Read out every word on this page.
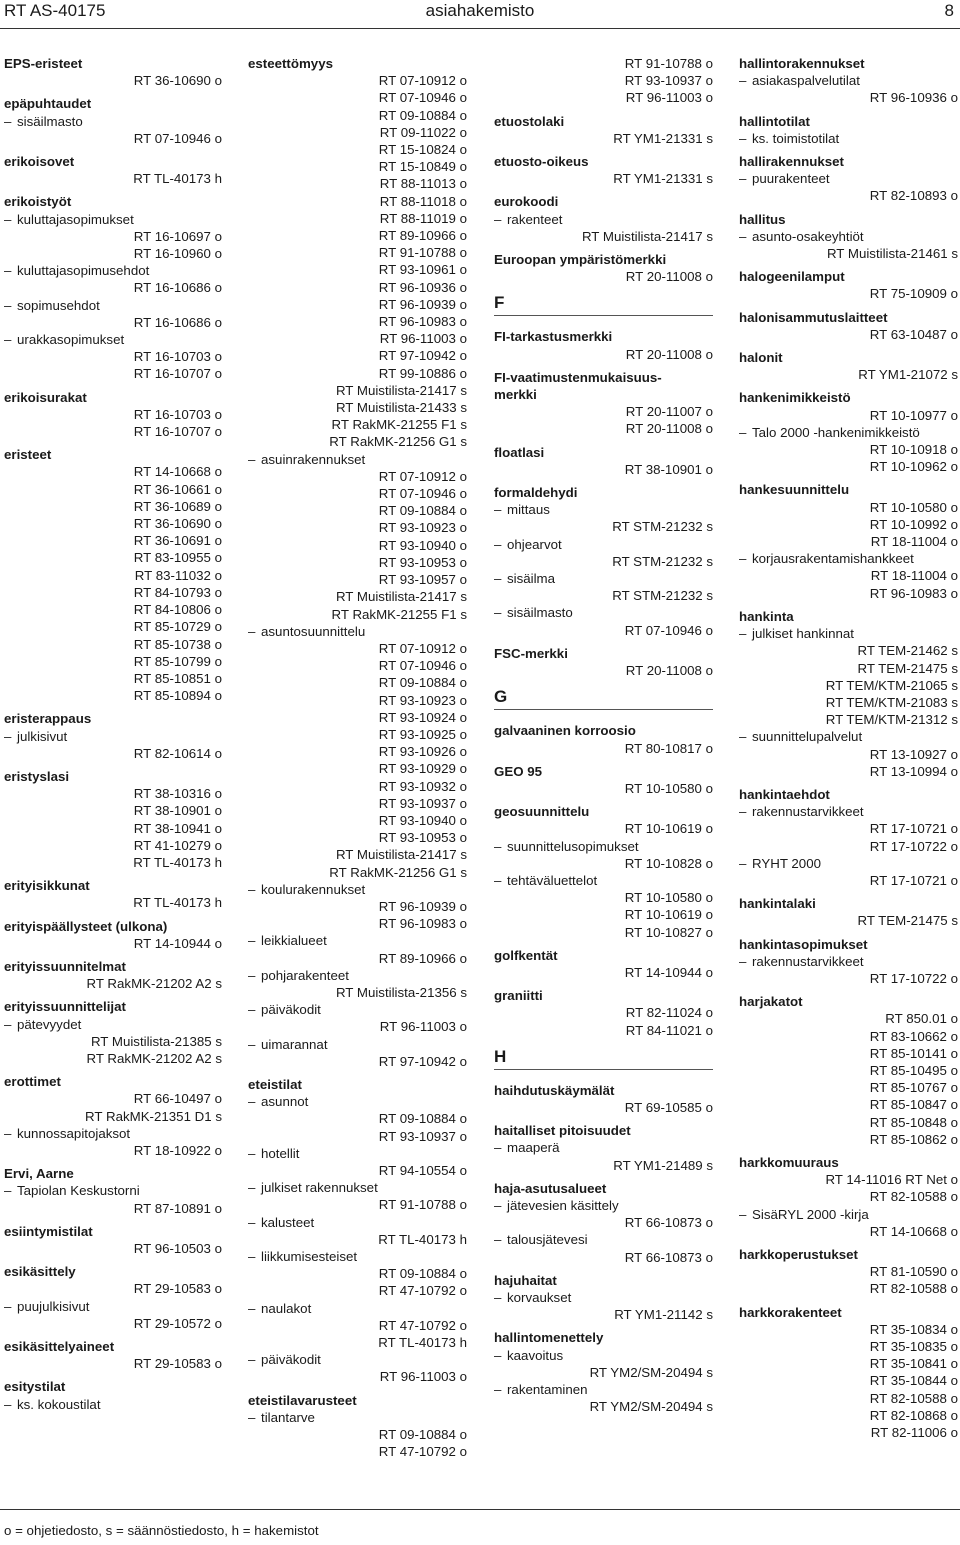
RT AS-40175	asiahakemisto	8
EPS-eristeet
RT 36-10690 o
epäpuhtaudet
– sisäilmasto
RT 07-10946 o
erikoisovet
RT TL-40173 h
erikoistyöt
– kuluttajasopimukset
RT 16-10697 o
RT 16-10960 o
– kuluttajasopimusehdot
RT 16-10686 o
– sopimusehdot
RT 16-10686 o
– urakkasopimukset
RT 16-10703 o
RT 16-10707 o
erikoisurakat
RT 16-10703 o
RT 16-10707 o
eristeet
RT 14-10668 o
RT 36-10661 o
RT 36-10689 o
RT 36-10690 o
RT 36-10691 o
RT 83-10955 o
RT 83-11032 o
RT 84-10793 o
RT 84-10806 o
RT 85-10729 o
RT 85-10738 o
RT 85-10799 o
RT 85-10851 o
RT 85-10894 o
eristerappaus
– julkisivut
RT 82-10614 o
eristyslasi
RT 38-10316 o
RT 38-10901 o
RT 38-10941 o
RT 41-10279 o
RT TL-40173 h
erityisikkunat
RT TL-40173 h
erityispäällysteet (ulkona)
RT 14-10944 o
erityissuunnitelmat
RT RakMK-21202 A2 s
erityissuunnittelijat
– pätevyydet
RT Muistilista-21385 s
RT RakMK-21202 A2 s
erottimet
RT 66-10497 o
RT RakMK-21351 D1 s
– kunnossapitojaksot
RT 18-10922 o
Ervi, Aarne
– Tapiolan Keskustorni
RT 87-10891 o
esiintymistilat
RT 96-10503 o
esikäsittely
RT 29-10583 o
– puujulkisivut
RT 29-10572 o
esikäsittelyaineet
RT 29-10583 o
esitystilat
– ks. kokoustilat
esteettömyys
RT 07-10912 o
RT 07-10946 o
RT 09-10884 o
RT 09-11022 o
RT 15-10824 o
RT 15-10849 o
RT 88-11013 o
RT 88-11018 o
RT 88-11019 o
RT 89-10966 o
RT 91-10788 o
RT 93-10961 o
RT 96-10936 o
RT 96-10939 o
RT 96-10983 o
RT 96-11003 o
RT 97-10942 o
RT 99-10886 o
RT Muistilista-21417 s
RT Muistilista-21433 s
RT RakMK-21255 F1 s
RT RakMK-21256 G1 s
– asuinrakennukset
RT 07-10912 o
RT 07-10946 o
RT 09-10884 o
RT 93-10923 o
RT 93-10940 o
RT 93-10953 o
RT 93-10957 o
RT Muistilista-21417 s
RT RakMK-21255 F1 s
– asuntosuunnittelu
RT 07-10912 o
RT 07-10946 o
RT 09-10884 o
RT 93-10923 o
RT 93-10924 o
RT 93-10925 o
RT 93-10926 o
RT 93-10929 o
RT 93-10932 o
RT 93-10937 o
RT 93-10940 o
RT 93-10953 o
RT Muistilista-21417 s
RT RakMK-21256 G1 s
– koulurakennukset
RT 96-10939 o
RT 96-10983 o
– leikkialueet
RT 89-10966 o
– pohjarakenteet
RT Muistilista-21356 s
– päiväkodit
RT 96-11003 o
– uimarannat
RT 97-10942 o
eteistilat
– asunnot
RT 09-10884 o
RT 93-10937 o
– hotellit
RT 94-10554 o
– julkiset rakennukset
RT 91-10788 o
– kalusteet
RT TL-40173 h
– liikkumisesteiset
RT 09-10884 o
RT 47-10792 o
– naulakot
RT 47-10792 o
RT TL-40173 h
– päiväkodit
RT 96-11003 o
eteistilavarusteet
– tilantarve
RT 09-10884 o
RT 47-10792 o
RT 91-10788 o
RT 93-10937 o
RT 96-11003 o
etuostolaki
RT YM1-21331 s
etuosto-oikeus
RT YM1-21331 s
eurokoodi
– rakenteet
RT Muistilista-21417 s
Euroopan ympäristömerkki
RT 20-11008 o
F
FI-tarkastusmerkki
RT 20-11008 o
FI-vaatimustenmukaisuus-
merkki
RT 20-11007 o
RT 20-11008 o
floatlasi
RT 38-10901 o
formaldehydi
– mittaus
RT STM-21232 s
– ohjearvot
RT STM-21232 s
– sisäilma
RT STM-21232 s
– sisäilmasto
RT 07-10946 o
FSC-merkki
RT 20-11008 o
G
galvaaninen korroosio
RT 80-10817 o
GEO 95
RT 10-10580 o
geosuunnittelu
RT 10-10619 o
– suunnittelusopimukset
RT 10-10828 o
– tehtäväluettelot
RT 10-10580 o
RT 10-10619 o
RT 10-10827 o
golfkentät
RT 14-10944 o
graniitti
RT 82-11024 o
RT 84-11021 o
H
haihdutuskäymälät
RT 69-10585 o
haitalliset pitoisuudet
– maaperä
RT YM1-21489 s
haja-asutusalueet
– jätevesien käsittely
RT 66-10873 o
– talousjätevesi
RT 66-10873 o
hajuhaitat
– korvaukset
RT YM1-21142 s
hallintomenettely
– kaavoitus
RT YM2/SM-20494 s
– rakentaminen
RT YM2/SM-20494 s
hallintorakennukset
– asiakaspalvelutilat
RT 96-10936 o
hallintotilat
– ks. toimistotilat
hallirakennukset
– puurakenteet
RT 82-10893 o
hallitus
– asunto-osakeyhtiöt
RT Muistilista-21461 s
halogeenilamput
RT 75-10909 o
halonisammutuslaitteet
RT 63-10487 o
halonit
RT YM1-21072 s
hankenimikkeistö
RT 10-10977 o
– Talo 2000 -hankenimikkeistö
RT 10-10918 o
RT 10-10962 o
hankesuunnittelu
RT 10-10580 o
RT 10-10992 o
RT 18-11004 o
– korjausrakentamishankkeet
RT 18-11004 o
RT 96-10983 o
hankinta
– julkiset hankinnat
RT TEM-21462 s
RT TEM-21475 s
RT TEM/KTM-21065 s
RT TEM/KTM-21083 s
RT TEM/KTM-21312 s
– suunnittelupalvelut
RT 13-10927 o
RT 13-10994 o
hankintaehdot
– rakennustarvikkeet
RT 17-10721 o
RT 17-10722 o
– RYHT 2000
RT 17-10721 o
hankintalaki
RT TEM-21475 s
hankintasopimukset
– rakennustarvikkeet
RT 17-10722 o
harjakatot
RT 850.01 o
RT 83-10662 o
RT 85-10141 o
RT 85-10495 o
RT 85-10767 o
RT 85-10847 o
RT 85-10848 o
RT 85-10862 o
harkkomuuraus
RT 14-11016 RT Net o
RT 82-10588 o
– SisäRYL 2000 -kirja
RT 14-10668 o
harkkoperustukset
RT 81-10590 o
RT 82-10588 o
harkkorakenteet
RT 35-10834 o
RT 35-10835 o
RT 35-10841 o
RT 35-10844 o
RT 82-10588 o
RT 82-10868 o
RT 82-11006 o
o = ohjetiedosto, s = säännöstiedosto, h = hakemistot
